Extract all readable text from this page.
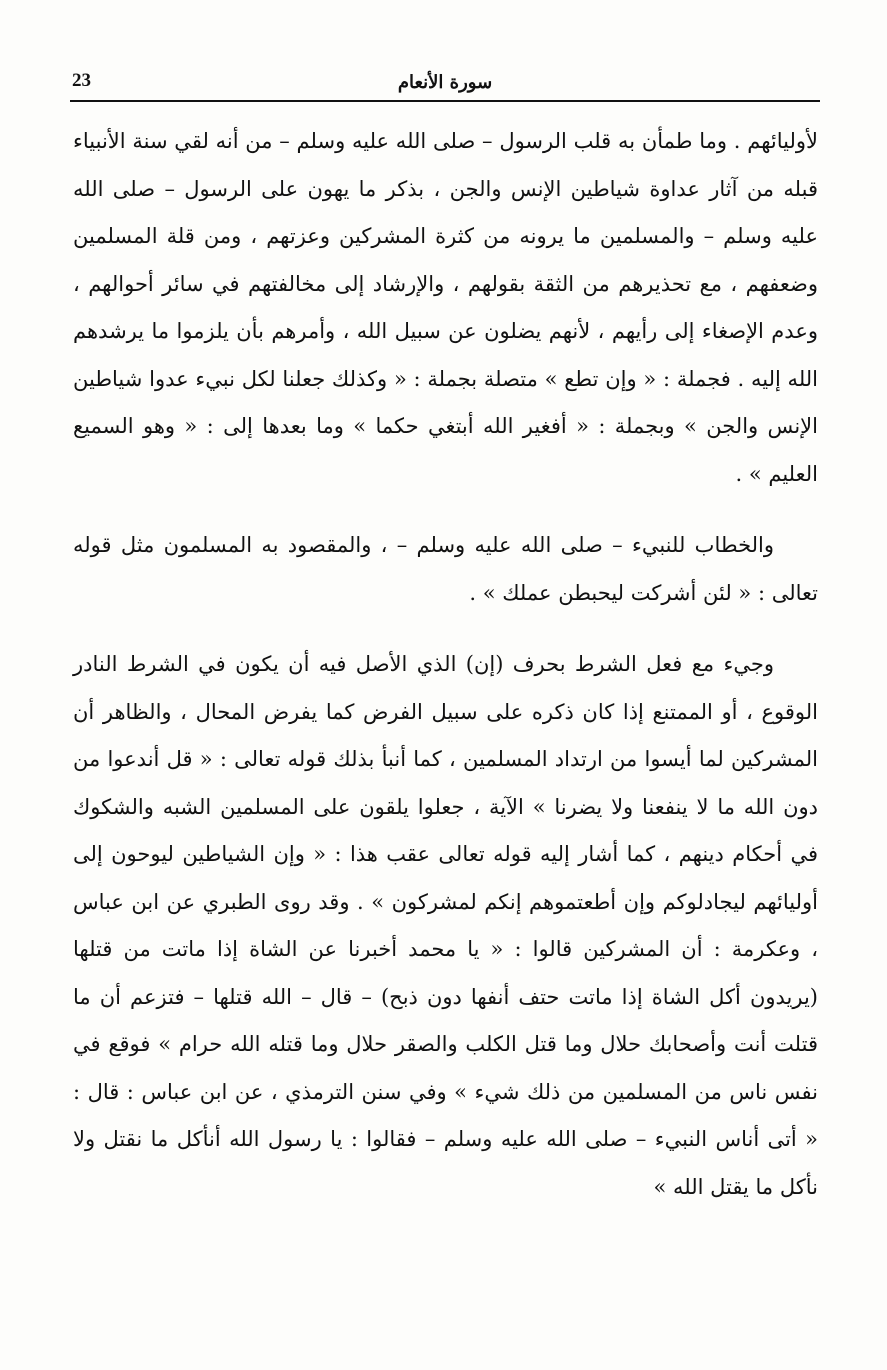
23	سورة الأنعام

لأوليائهم . وما طمأن به قلب الرسول – صلى الله عليه وسلم – من أنه لقي سنة الأنبياء قبله من آثار عداوة شياطين الإنس والجن ، بذكر ما يهون على الرسول – صلى الله عليه وسلم – والمسلمين ما يرونه من كثرة المشركين وعزتهم ، ومن قلة المسلمين وضعفهم ، مع تحذيرهم من الثقة بقولهم ، والإرشاد إلى مخالفتهم في سائر أحوالهم ، وعدم الإصغاء إلى رأيهم ، لأنهم يضلون عن سبيل الله ، وأمرهم بأن يلزموا ما يرشدهم الله إليه . فجملة : « وإن تطع » متصلة بجملة : « وكذلك جعلنا لكل نبيء عدوا شياطين الإنس والجن » وبجملة : « أفغير الله أبتغي حكما » وما بعدها إلى : « وهو السميع العليم » .

والخطاب للنبيء – صلى الله عليه وسلم – ، والمقصود به المسلمون مثل قوله تعالى : « لئن أشركت ليحبطن عملك » .

وجيء مع فعل الشرط بحرف (إن) الذي الأصل فيه أن يكون في الشرط النادر الوقوع ، أو الممتنع إذا كان ذكره على سبيل الفرض كما يفرض المحال ، والظاهر أن المشركين لما أيسوا من ارتداد المسلمين ، كما أنبأ بذلك قوله تعالى : « قل أندعوا من دون الله ما لا ينفعنا ولا يضرنا » الآية ، جعلوا يلقون على المسلمين الشبه والشكوك في أحكام دينهم ، كما أشار إليه قوله تعالى عقب هذا : « وإن الشياطين ليوحون إلى أوليائهم ليجادلوكم وإن أطعتموهم إنكم لمشركون » . وقد روى الطبري عن ابن عباس ، وعكرمة : أن المشركين قالوا : « يا محمد أخبرنا عن الشاة إذا ماتت من قتلها (يريدون أكل الشاة إذا ماتت حتف أنفها دون ذبح) – قال – الله قتلها – فتزعم أن ما قتلت أنت وأصحابك حلال وما قتل الكلب والصقر حلال وما قتله الله حرام » فوقع في نفس ناس من المسلمين من ذلك شيء » وفي سنن الترمذي ، عن ابن عباس : قال : « أتى أناس النبيء – صلى الله عليه وسلم – فقالوا : يا رسول الله أنأكل ما نقتل ولا نأكل ما يقتل الله »
